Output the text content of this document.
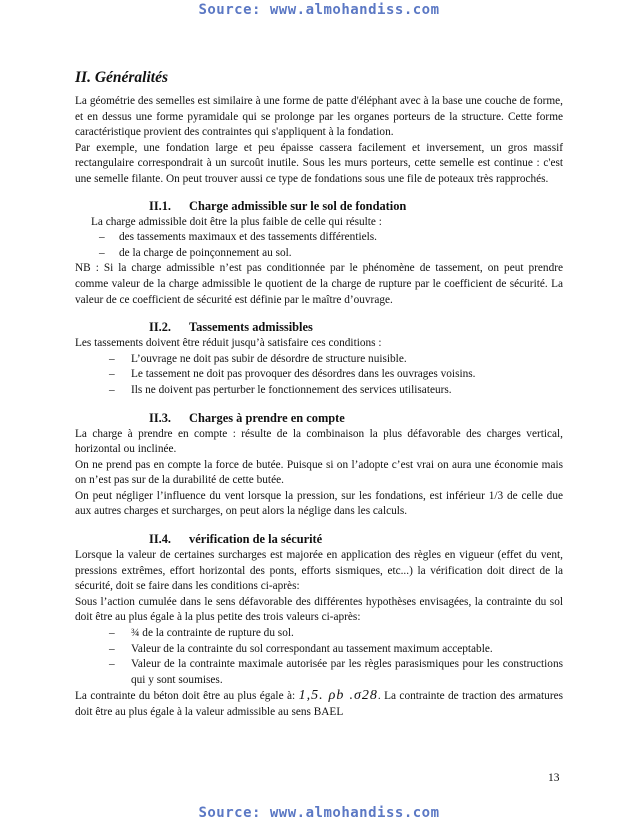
Source: www.almohandiss.com
II. Généralités

La géométrie des semelles est similaire à une forme de patte d'éléphant avec à la base une couche de forme, et en dessus une forme pyramidale qui se prolonge par les organes porteurs de la structure. Cette forme caractéristique provient des contraintes qui s'appliquent à la fondation.

Par exemple, une fondation large et peu épaisse cassera facilement et inversement, un gros massif rectangulaire correspondrait à un surcoût inutile. Sous les murs porteurs, cette semelle est continue : c'est une semelle filante. On peut trouver aussi ce type de fondations sous une file de poteaux très rapprochés.

II.1. Charge admissible sur le sol de fondation

La charge admissible doit être la plus faible de celle qui résulte :

– des tassements maximaux et des tassements différentiels.
– de la charge de poinçonnement au sol.

NB : Si la charge admissible n’est pas conditionnée par le phénomène de tassement, on peut prendre comme valeur de la charge admissible le quotient de la charge de rupture par le coefficient de sécurité. La valeur de ce coefficient de sécurité est définie par le maître d’ouvrage.

II.2. Tassements admissibles

Les tassements doivent être réduit jusqu’à satisfaire ces conditions :

– L’ouvrage ne doit pas subir de désordre de structure nuisible.
– Le tassement ne doit pas provoquer des désordres dans les ouvrages voisins.
– Ils ne doivent pas perturber le fonctionnement des services utilisateurs.
II.3. Charges à prendre en compte

La charge à prendre en compte : résulte de la combinaison la plus défavorable des charges vertical, horizontal ou inclinée.

On ne prend pas en compte la force de butée. Puisque si on l’adopte c’est vrai on aura une économie mais on n’est pas sur de la durabilité de cette butée.

On peut négliger l’influence du vent lorsque la pression, sur les fondations, est inférieur 1/3 de celle due aux autres charges et surcharges, on peut alors la néglige dans les calculs.

II.4. vérification de la sécurité

Lorsque la valeur de certaines surcharges est majorée en application des règles en vigueur (effet du vent, pressions extrêmes, effort horizontal des ponts, efforts sismiques, etc...) la vérification doit direct de la sécurité, doit se faire dans les conditions ci-après:

Sous l’action cumulée dans le sens défavorable des différentes hypothèses envisagées, la contrainte du sol doit être au plus égale à la plus petite des trois valeurs ci-après:

– ¾ de la contrainte de rupture du sol.
– Valeur de la contrainte du sol correspondant au tassement maximum acceptable.
– Valeur de la contrainte maximale autorisée par les règles parasismiques pour les constructions qui y sont soumises.

La contrainte du béton doit être au plus égale à: 1,5. ρb .σ28. La contrainte de traction des armatures doit être au plus égale à la valeur admissible au sens BAEL

13
Source: www.almohandiss.com
